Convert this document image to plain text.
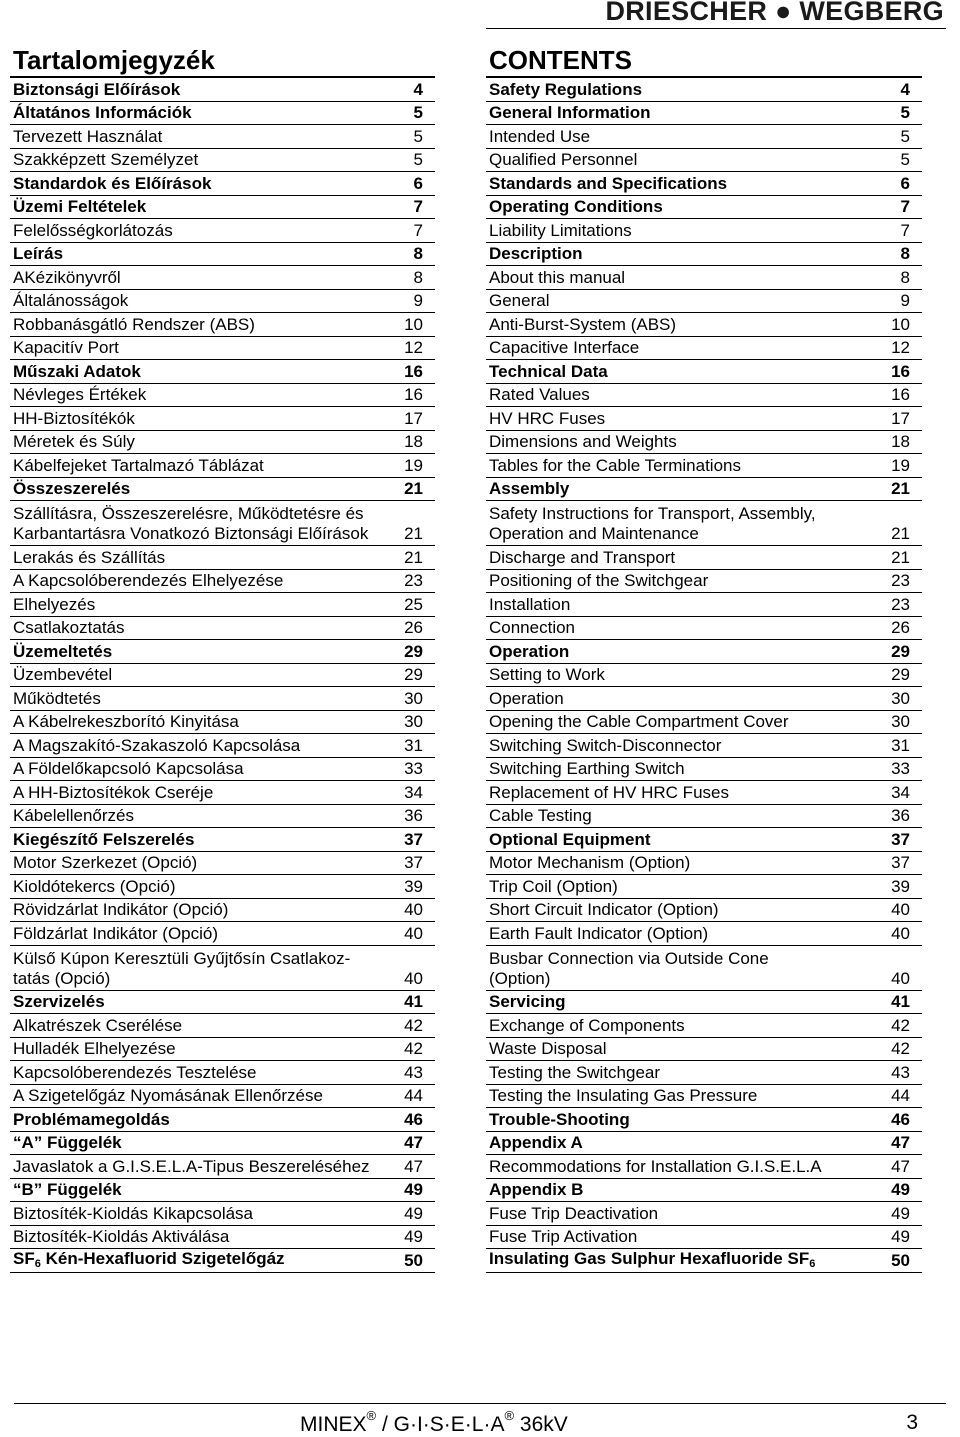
DRIESCHER ● WEGBERG
Tartalomjegyzék
Biztonsági Előírások	4
Áltatános Információk	5
Tervezett Használat	5
Szakképzett Személyzet	5
Standardok és Előírások	6
Üzemi Feltételek	7
Felelősségkorlátozás	7
Leírás	8
AKézikönyvről	8
Általánosságok	9
Robbanásgátló Rendszer (ABS)	10
Kapacitív Port	12
Műszaki Adatok	16
Névleges Értékek	16
HH-Biztosítékók	17
Méretek és Súly	18
Kábelfejeket Tartalmazó Táblázat	19
Összeszerelés	21
Szállításra, Összeszerelésre, Működtetésre és
Karbantartásra Vonatkozó Biztonsági Előírások	21
Lerakás és Szállítás	21
A Kapcsolóberendezés Elhelyezése	23
Elhelyezés	25
Csatlakoztatás	26
Üzemeltetés	29
Üzembevétel	29
Működtetés	30
A Kábelrekeszborító Kinyitása	30
A Magszakító-Szakaszoló Kapcsolása	31
A Földelőkapcsoló Kapcsolása	33
A HH-Biztosítékok Cseréje	34
Kábelellenőrzés	36
Kiegészítő Felszerelés	37
Motor Szerkezet (Opció)	37
Kioldótekercs (Opció)	39
Rövidzárlat Indikátor (Opció)	40
Földzárlat Indikátor (Opció)	40
Külső Kúpon Keresztüli Gyűjtősín Csatlakoz-
tatás (Opció)	40
Szervizelés	41
Alkatrészek Cserélése	42
Hulladék Elhelyezése	42
Kapcsolóberendezés Tesztelése	43
A Szigetelőgáz Nyomásának Ellenőrzése	44
Problémamegoldás	46
“A” Függelék	47
Javaslatok a G.I.S.E.L.A-Tipus Beszereléséhez	47
“B” Függelék	49
Biztosíték-Kioldás Kikapcsolása	49
Biztosíték-Kioldás Aktiválása	49
SF6 Kén-Hexafluorid Szigetelőgáz	50
CONTENTS
Safety Regulations	4
General Information	5
Intended Use	5
Qualified Personnel	5
Standards and Specifications	6
Operating Conditions	7
Liability Limitations	7
Description	8
About this manual	8
General	9
Anti-Burst-System (ABS)	10
Capacitive Interface	12
Technical Data	16
Rated Values	16
HV HRC Fuses	17
Dimensions and Weights	18
Tables for the Cable Terminations	19
Assembly	21
Safety Instructions for Transport, Assembly,
Operation and Maintenance	21
Discharge and Transport	21
Positioning of the Switchgear	23
Installation	23
Connection	26
Operation	29
Setting to Work	29
Operation	30
Opening the Cable Compartment Cover	30
Switching Switch-Disconnector	31
Switching Earthing Switch	33
Replacement of HV HRC Fuses	34
Cable Testing	36
Optional Equipment	37
Motor Mechanism (Option)	37
Trip Coil (Option)	39
Short Circuit Indicator (Option)	40
Earth Fault Indicator (Option)	40
Busbar Connection via Outside Cone
(Option)	40
Servicing	41
Exchange of Components	42
Waste Disposal	42
Testing the Switchgear	43
Testing the Insulating Gas Pressure	44
Trouble-Shooting	46
Appendix A	47
Recommodations for Installation G.I.S.E.L.A	47
Appendix B	49
Fuse Trip Deactivation	49
Fuse Trip Activation	49
Insulating Gas Sulphur Hexafluoride SF6	50
MINEX® / G·I·S·E·L·A® 36kV	3
